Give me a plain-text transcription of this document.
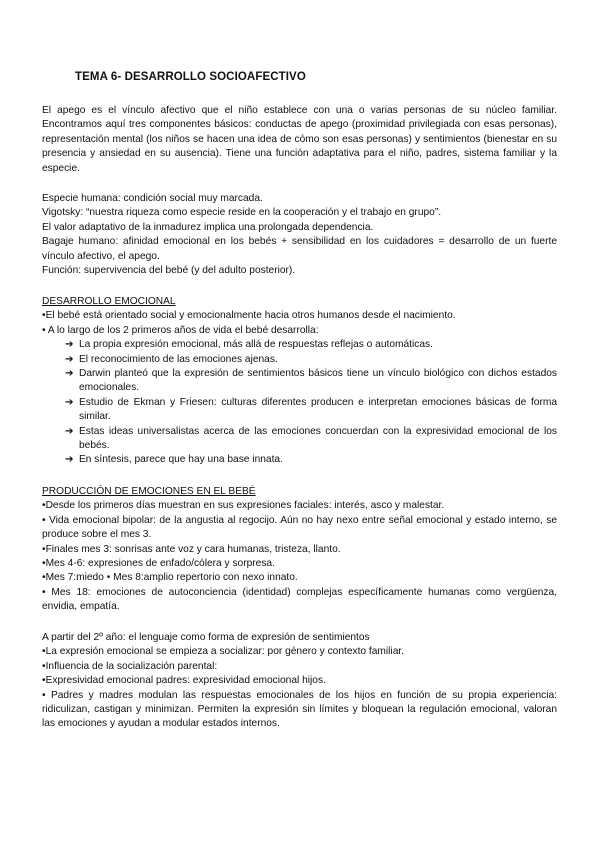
TEMA 6- DESARROLLO SOCIOAFECTIVO

El apego es el vínculo afectivo que el niño establece con una o varias personas de su núcleo familiar. Encontramos aquí tres componentes básicos: conductas de apego (proximidad privilegiada con esas personas), representación mental (los niños se hacen una idea de cómo son esas personas) y sentimientos (bienestar en su presencia y ansiedad en su ausencia). Tiene una función adaptativa para el niño, padres, sistema familiar y la especie.

Especie humana: condición social muy marcada.

Vigotsky: “nuestra riqueza como especie reside en la cooperación y el trabajo en grupo”.

El valor adaptativo de la inmadurez implica una prolongada dependencia.

Bagaje humano: afinidad emocional en los bebés + sensibilidad en los cuidadores = desarrollo de un fuerte vínculo afectivo, el apego.

Función: supervivencia del bebé (y del adulto posterior).

DESARROLLO EMOCIONAL

•El bebé está orientado social y emocionalmente hacia otros humanos desde el nacimiento.

• A lo largo de los 2 primeros años de vida el bebé desarrolla:

➔ La propia expresión emocional, más allá de respuestas reflejas o automáticas.
➔ El reconocimiento de las emociones ajenas.
➔ Darwin planteó que la expresión de sentimientos básicos tiene un vínculo biológico con dichos estados emocionales.
➔ Estudio de Ekman y Friesen: culturas diferentes producen e interpretan emociones básicas de forma similar.
➔ Estas ideas universalistas acerca de las emociones concuerdan con la expresividad emocional de los bebés.
➔ En síntesis, parece que hay una base innata.

PRODUCCIÓN DE EMOCIONES EN EL BEBÉ

•Desde los primeros días muestran en sus expresiones faciales: interés, asco y malestar.

• Vida emocional bipolar: de la angustia al regocijo. Aún no hay nexo entre señal emocional y estado interno, se produce sobre el mes 3.

•Finales mes 3: sonrisas ante voz y cara humanas, tristeza, llanto.

•Mes 4-6: expresiones de enfado/cólera y sorpresa.

•Mes 7:miedo • Mes 8:amplio repertorio con nexo innato.

• Mes 18: emociones de autoconciencia (identidad) complejas específicamente humanas como vergüenza, envidia, empatía.

A partir del 2º año: el lenguaje como forma de expresión de sentimientos

•La expresión emocional se empieza a socializar: por género y contexto familiar.

•Influencia de la socialización parental:

•Expresividad emocional padres: expresividad emocional hijos.

• Padres y madres modulan las respuestas emocionales de los hijos en función de su propia experiencia: ridiculizan, castigan y minimizan. Permiten la expresión sin límites y bloquean la regulación emocional, valoran las emociones y ayudan a modular estados internos.
